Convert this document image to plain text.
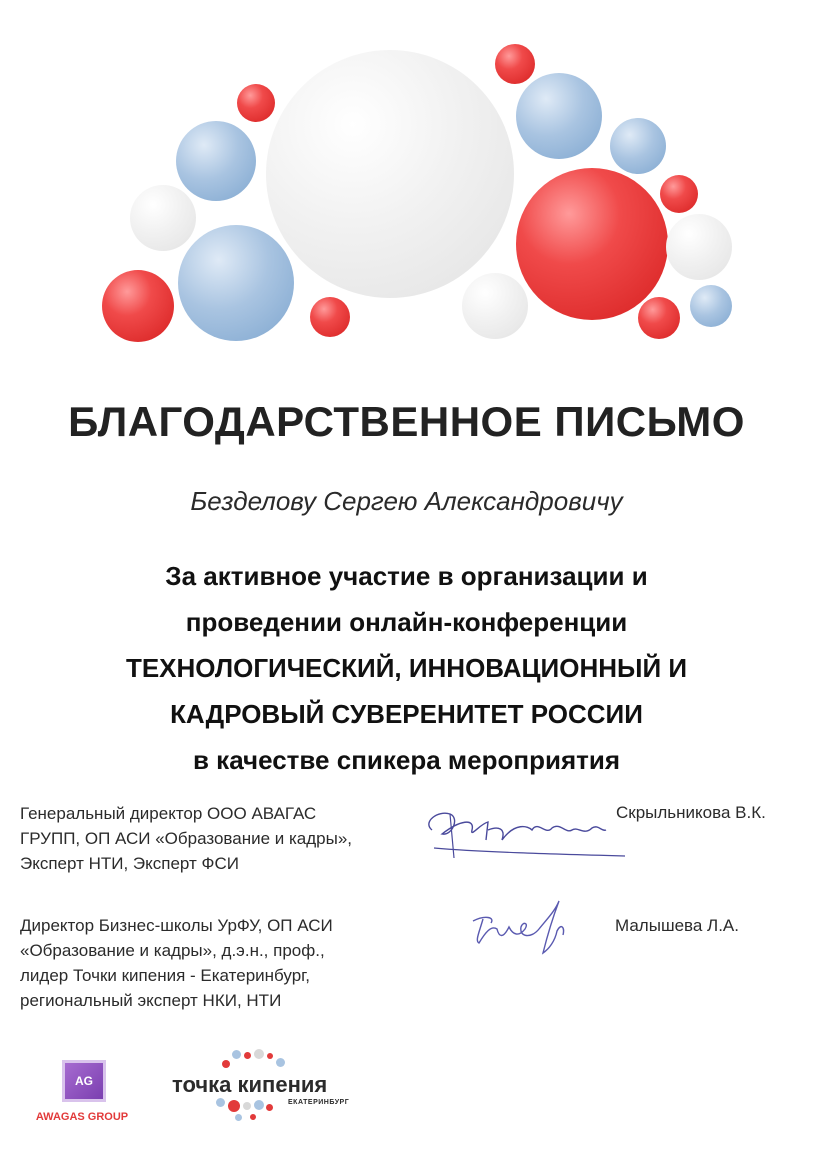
БЛАГОДАРСТВЕННОЕ ПИСЬМО
Безделову Сергею Александровичу
За активное участие в организации и
проведении онлайн-конференции
ТЕХНОЛОГИЧЕСКИЙ, ИННОВАЦИОННЫЙ И
КАДРОВЫЙ СУВЕРЕНИТЕТ РОССИИ
в качестве спикера мероприятия
Генеральный директор ООО АВАГАС
ГРУПП, ОП АСИ «Образование и кадры»,
Эксперт НТИ, Эксперт ФСИ
Скрыльникова В.К.
Директор Бизнес-школы УрФУ, ОП АСИ
«Образование и кадры», д.э.н., проф.,
лидер Точки кипения - Екатеринбург,
региональный эксперт НКИ, НТИ
Малышева Л.А.
AG
AWAGAS GROUP
точка кипения
ЕКАТЕРИНБУРГ
